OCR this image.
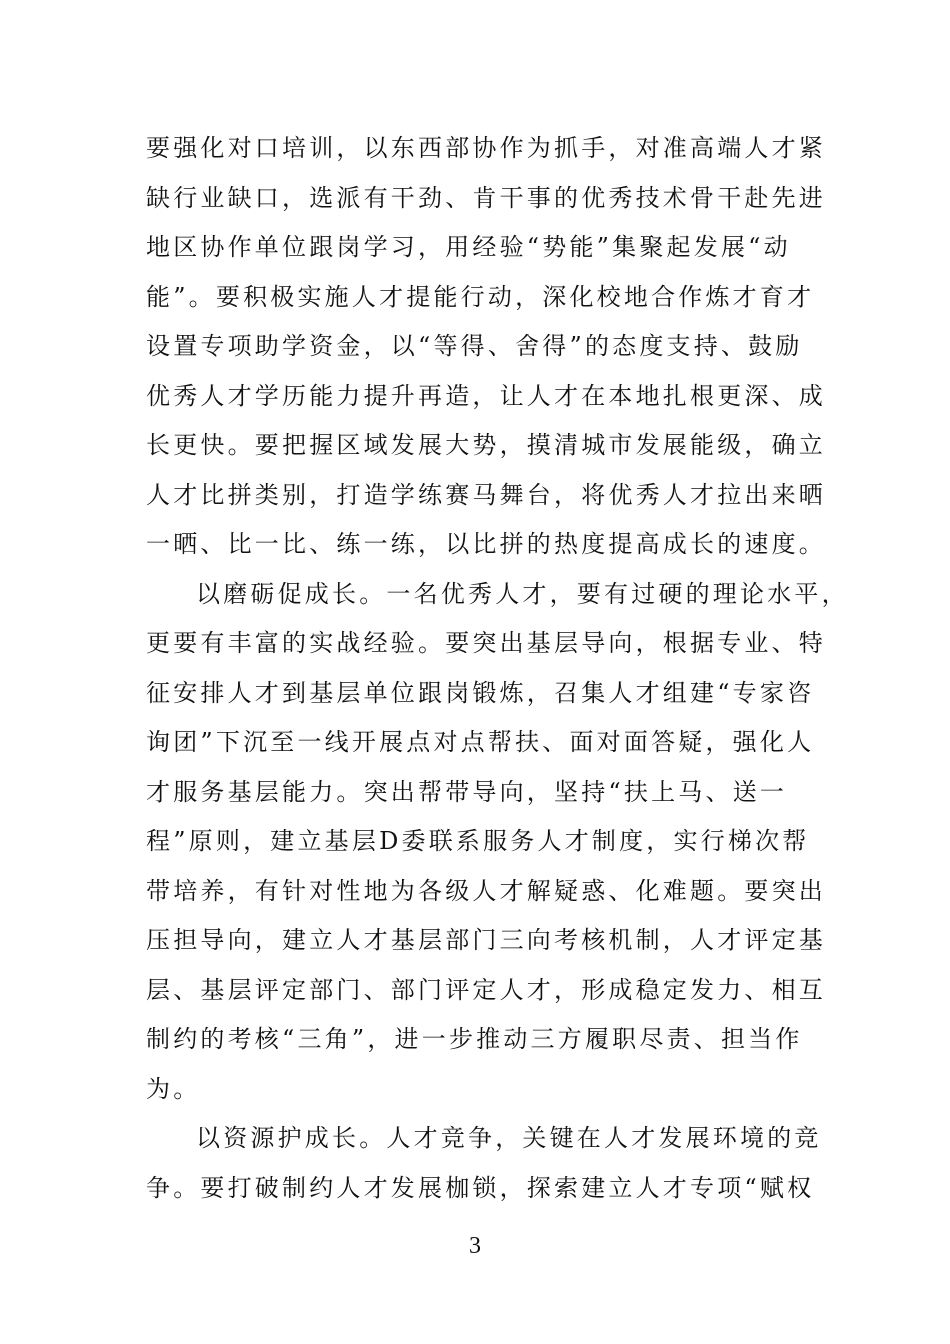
要强化对口培训，以东西部协作为抓手，对准高端人才紧
缺行业缺口，选派有干劲、肯干事的优秀技术骨干赴先进
地区协作单位跟岗学习，用经验“势能”集聚起发展“动
能”。要积极实施人才提能行动，深化校地合作炼才育才
设置专项助学资金，以“等得、舍得”的态度支持、鼓励
优秀人才学历能力提升再造，让人才在本地扎根更深、成
长更快。要把握区域发展大势，摸清城市发展能级，确立
人才比拼类别，打造学练赛马舞台，将优秀人才拉出来晒
一晒、比一比、练一练，以比拼的热度提高成长的速度。
以磨砺促成长。一名优秀人才，要有过硬的理论水平，
更要有丰富的实战经验。要突出基层导向，根据专业、特
征安排人才到基层单位跟岗锻炼，召集人才组建“专家咨
询团”下沉至一线开展点对点帮扶、面对面答疑，强化人
才服务基层能力。突出帮带导向，坚持“扶上马、送一
程”原则，建立基层D委联系服务人才制度，实行梯次帮
带培养，有针对性地为各级人才解疑惑、化难题。要突出
压担导向，建立人才基层部门三向考核机制，人才评定基
层、基层评定部门、部门评定人才，形成稳定发力、相互
制约的考核“三角”，进一步推动三方履职尽责、担当作
为。
以资源护成长。人才竞争，关键在人才发展环境的竞
争。要打破制约人才发展枷锁，探索建立人才专项“赋权
3
